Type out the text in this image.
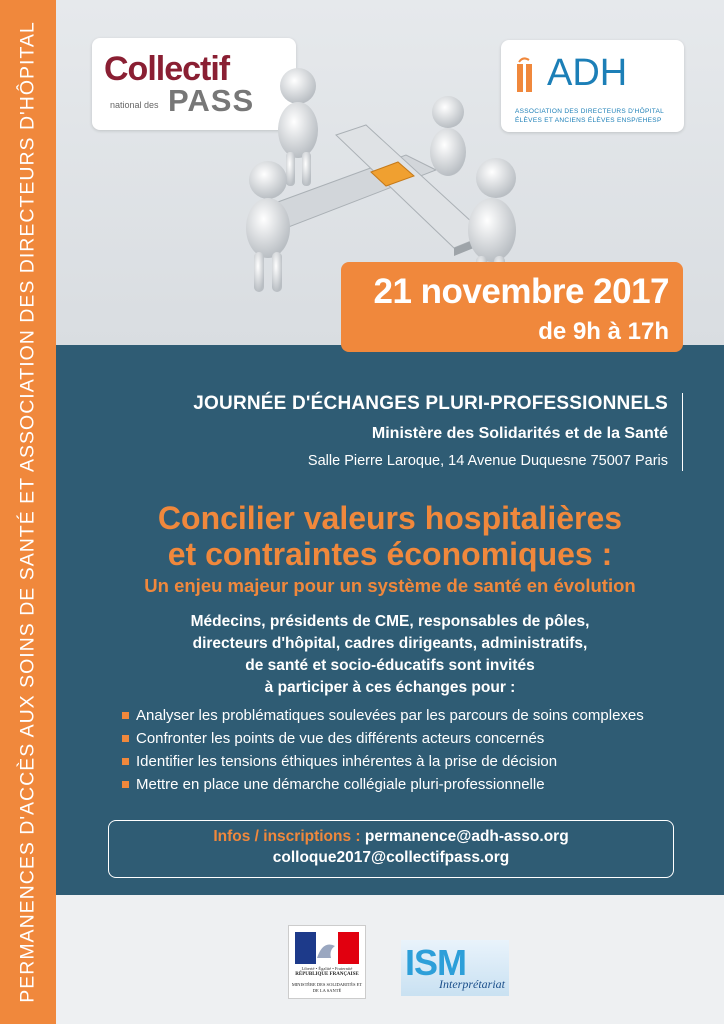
PERMANENCES D'ACCÈS AUX SOINS DE SANTÉ ET ASSOCIATION DES DIRECTEURS D'HÔPITAL Collectif
national des PASS
ADH
ASSOCIATION DES DIRECTEURS D'HÔPITAL
ÉLÈVES ET ANCIENS ÉLÈVES ENSP/EHESP
21 novembre 2017
de 9h à 17h
JOURNÉE D'ÉCHANGES PLURI-PROFESSIONNELS
Ministère des Solidarités et de la Santé
Salle Pierre Laroque, 14 Avenue Duquesne 75007 Paris
Concilier valeurs hospitalières
et contraintes économiques :
Un enjeu majeur pour un système de santé en évolution
Médecins, présidents de CME, responsables de pôles,
directeurs d'hôpital, cadres dirigeants, administratifs,
de santé et socio-éducatifs sont invités
à participer à ces échanges pour :
Analyser les problématiques soulevées par les parcours de soins complexes
Confronter les points de vue des différents acteurs concernés
Identifier les tensions éthiques inhérentes à la prise de décision
Mettre en place une démarche collégiale pluri-professionnelle
Infos / inscriptions : permanence@adh-asso.org
colloque2017@collectifpass.org
Liberté • Égalité • Fraternité
RÉPUBLIQUE FRANÇAISE
MINISTÈRE DES SOLIDARITÉS ET DE LA SANTÉ
ISM
Interprétariat
